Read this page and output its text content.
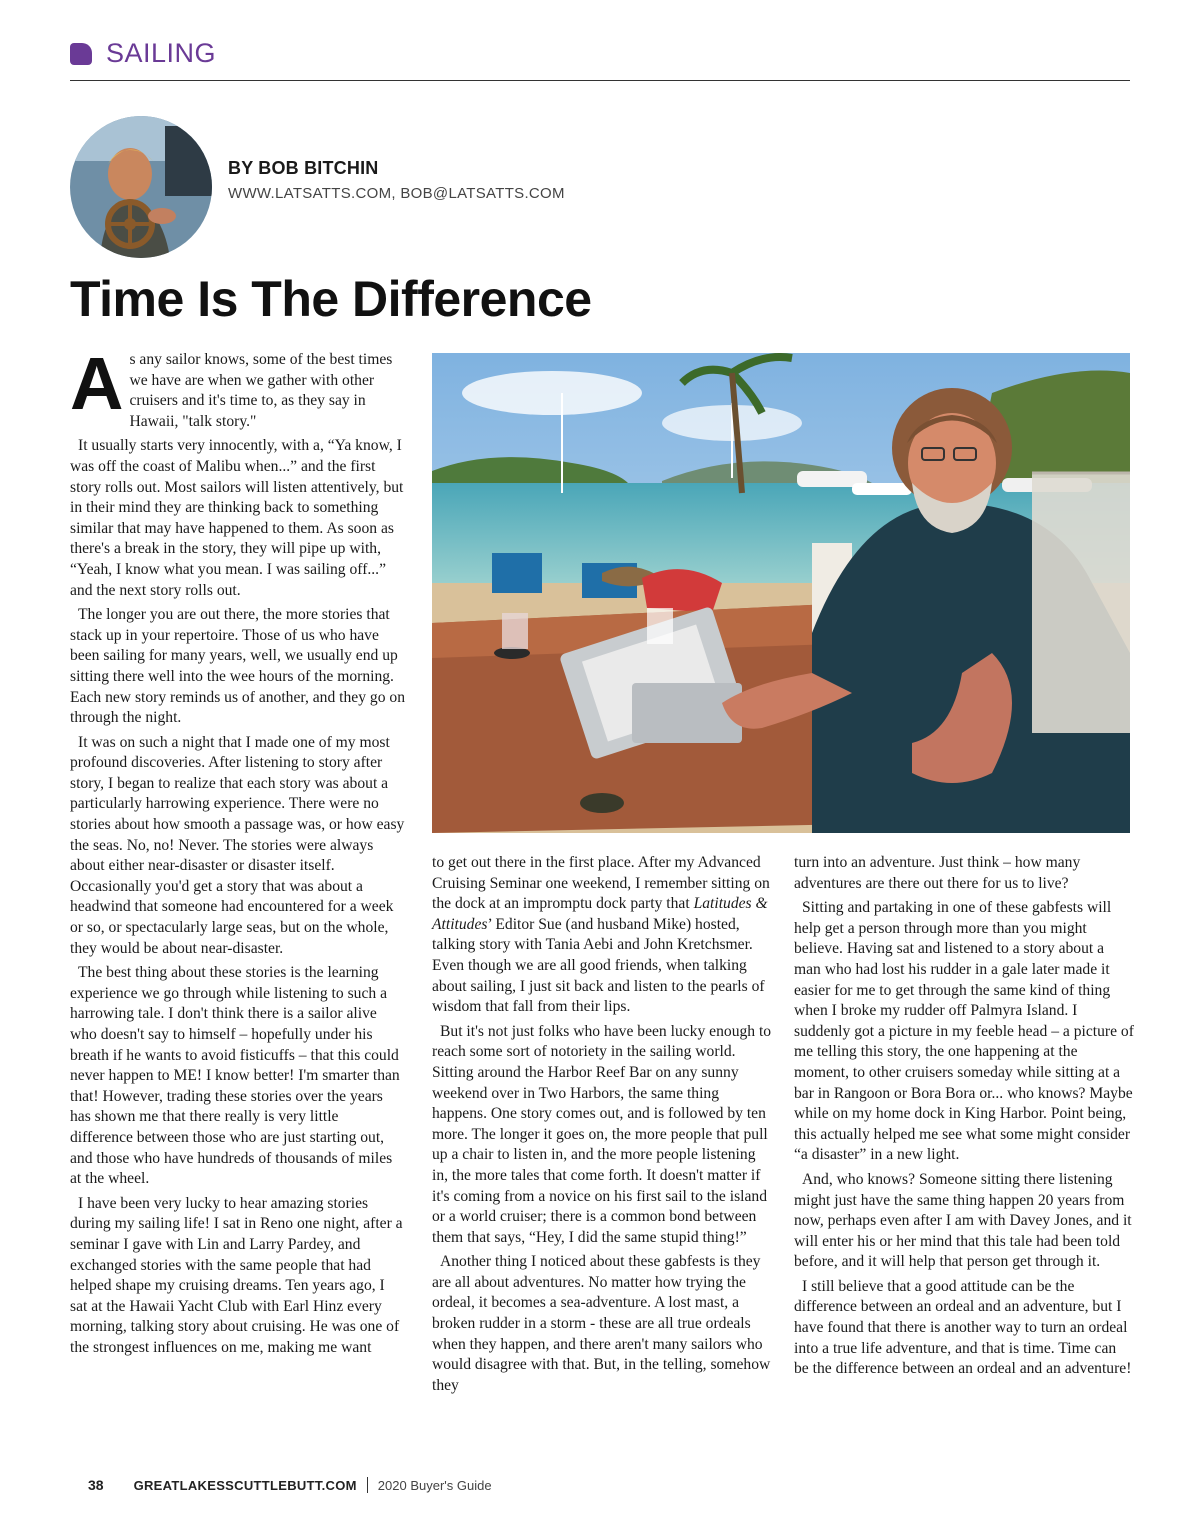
SAILING
BY BOB BITCHIN
WWW.LATSATTS.COM, BOB@LATSATTS.COM
Time Is The Difference

As any sailor knows, some of the best times we have are when we gather with other cruisers and it's time to, as they say in Hawaii, "talk story."

It usually starts very innocently, with a, “Ya know, I was off the coast of Malibu when...” and the first story rolls out. Most sailors will listen attentively, but in their mind they are thinking back to something similar that may have happened to them. As soon as there's a break in the story, they will pipe up with, “Yeah, I know what you mean. I was sailing off...” and the next story rolls out.

The longer you are out there, the more stories that stack up in your repertoire. Those of us who have been sailing for many years, well, we usually end up sitting there well into the wee hours of the morning. Each new story reminds us of another, and they go on through the night.

It was on such a night that I made one of my most profound discoveries. After listening to story after story, I began to realize that each story was about a particularly harrowing experience. There were no stories about how smooth a passage was, or how easy the seas. No, no! Never. The stories were always about either near-disaster or disaster itself. Occasionally you'd get a story that was about a headwind that someone had encountered for a week or so, or spectacularly large seas, but on the whole, they would be about near-disaster.

The best thing about these stories is the learning experience we go through while listening to such a harrowing tale. I don't think there is a sailor alive who doesn't say to himself – hopefully under his breath if he wants to avoid fisticuffs – that this could never happen to ME! I know better! I'm smarter than that! However, trading these stories over the years has shown me that there really is very little difference between those who are just starting out, and those who have hundreds of thousands of miles at the wheel.

I have been very lucky to hear amazing stories during my sailing life! I sat in Reno one night, after a seminar I gave with Lin and Larry Pardey, and exchanged stories with the same people that had helped shape my cruising dreams. Ten years ago, I sat at the Hawaii Yacht Club with Earl Hinz every morning, talking story about cruising. He was one of the strongest influences on me, making me want

to get out there in the first place. After my Advanced Cruising Seminar one weekend, I remember sitting on the dock at an impromptu dock party that Latitudes & Attitudes’ Editor Sue (and husband Mike) hosted, talking story with Tania Aebi and John Kretchsmer. Even though we are all good friends, when talking about sailing, I just sit back and listen to the pearls of wisdom that fall from their lips.

But it's not just folks who have been lucky enough to reach some sort of notoriety in the sailing world. Sitting around the Harbor Reef Bar on any sunny weekend over in Two Harbors, the same thing happens. One story comes out, and is followed by ten more. The longer it goes on, the more people that pull up a chair to listen in, and the more people listening in, the more tales that come forth. It doesn't matter if it's coming from a novice on his first sail to the island or a world cruiser; there is a common bond between them that says, “Hey, I did the same stupid thing!”

Another thing I noticed about these gabfests is they are all about adventures. No matter how trying the ordeal, it becomes a sea-adventure. A lost mast, a broken rudder in a storm - these are all true ordeals when they happen, and there aren't many sailors who would disagree with that. But, in the telling, somehow they

turn into an adventure. Just think – how many adventures are there out there for us to live?

Sitting and partaking in one of these gabfests will help get a person through more than you might believe. Having sat and listened to a story about a man who had lost his rudder in a gale later made it easier for me to get through the same kind of thing when I broke my rudder off Palmyra Island. I suddenly got a picture in my feeble head – a picture of me telling this story, the one happening at the moment, to other cruisers someday while sitting at a bar in Rangoon or Bora Bora or... who knows? Maybe while on my home dock in King Harbor. Point being, this actually helped me see what some might consider “a disaster” in a new light.

And, who knows? Someone sitting there listening might just have the same thing happen 20 years from now, perhaps even after I am with Davey Jones, and it will enter his or her mind that this tale had been told before, and it will help that person get through it.

I still believe that a good attitude can be the difference between an ordeal and an adventure, but I have found that there is another way to turn an ordeal into a true life adventure, and that is time. Time can be the difference between an ordeal and an adventure!

38 GREATLAKESSCUTTLEBUTT.COM 2020 Buyer's Guide
